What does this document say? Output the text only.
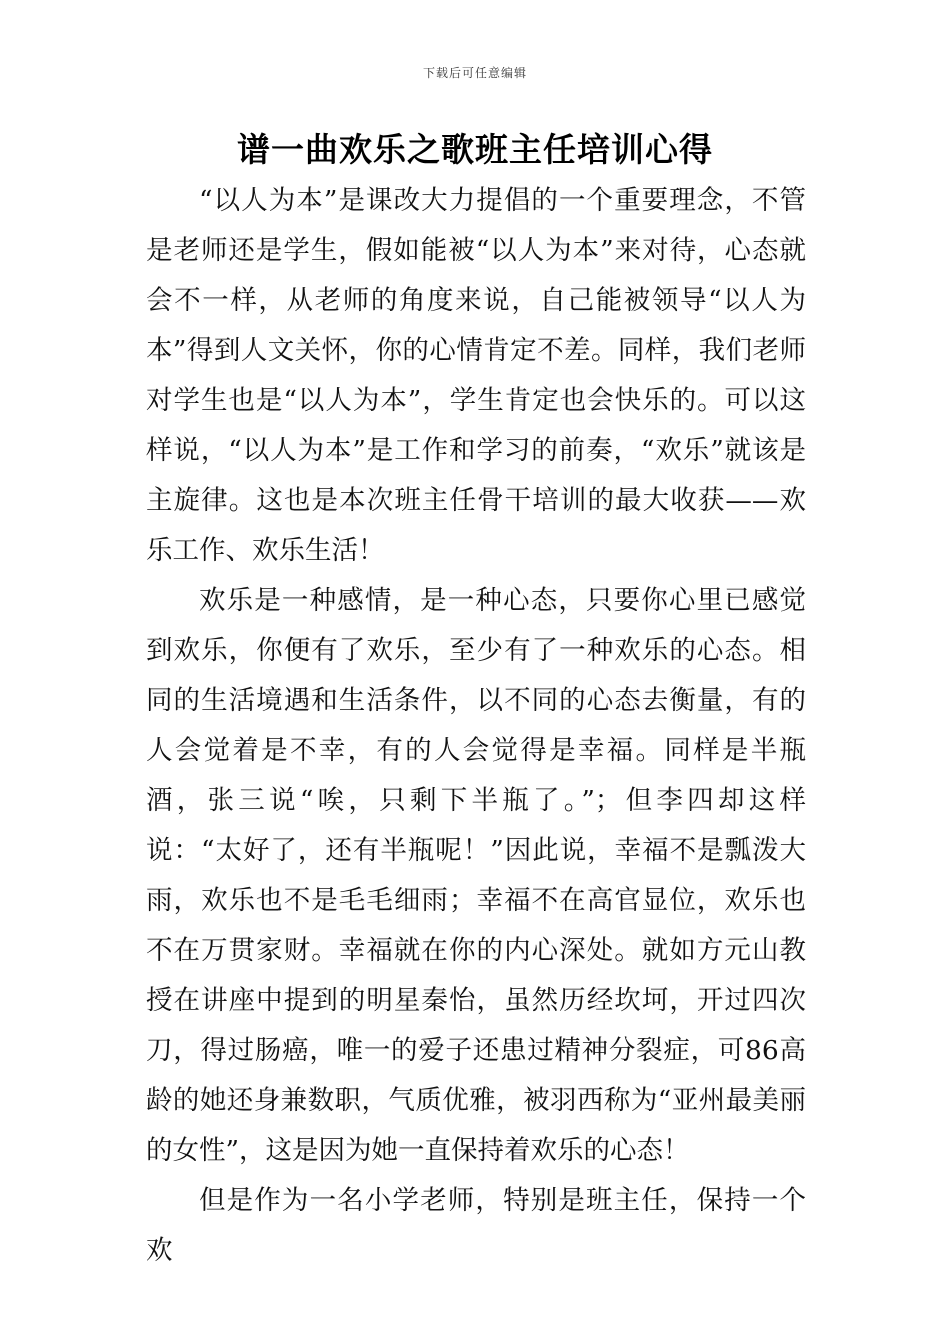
下载后可任意编辑
谱一曲欢乐之歌班主任培训心得

“以人为本”是课改大力提倡的一个重要理念，不管是老师还是学生，假如能被“以人为本”来对待，心态就会不一样，从老师的角度来说，自己能被领导“以人为本”得到人文关怀，你的心情肯定不差。同样，我们老师对学生也是“以人为本”，学生肯定也会快乐的。可以这样说，“以人为本”是工作和学习的前奏，“欢乐”就该是主旋律。这也是本次班主任骨干培训的最大收获——欢乐工作、欢乐生活！

欢乐是一种感情，是一种心态，只要你心里已感觉到欢乐，你便有了欢乐，至少有了一种欢乐的心态。相同的生活境遇和生活条件，以不同的心态去衡量，有的人会觉着是不幸，有的人会觉得是幸福。同样是半瓶酒，张三说“唉，只剩下半瓶了。”；但李四却这样说：“太好了，还有半瓶呢！”因此说，幸福不是瓢泼大雨，欢乐也不是毛毛细雨；幸福不在高官显位，欢乐也不在万贯家财。幸福就在你的内心深处。就如方元山教授在讲座中提到的明星秦怡，虽然历经坎坷，开过四次刀，得过肠癌，唯一的爱子还患过精神分裂症，可86高龄的她还身兼数职，气质优雅，被羽西称为“亚州最美丽的女性”，这是因为她一直保持着欢乐的心态！

但是作为一名小学老师，特别是班主任，保持一个欢
